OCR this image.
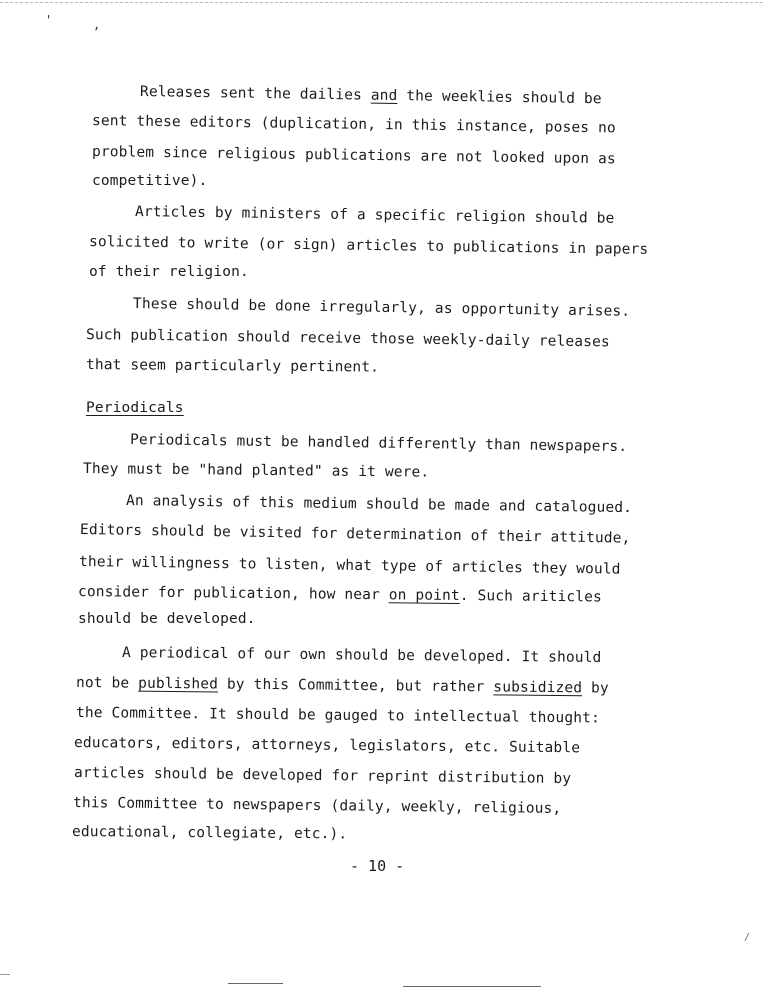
'	,
Releases sent the dailies and the weeklies should be
sent these editors (duplication, in this instance, poses no
problem since religious publications are not looked upon as
competitive).
Articles by ministers of a specific religion should be
solicited to write (or sign) articles to publications in papers
of their religion.
These should be done irregularly, as opportunity arises.
Such publication should receive those weekly-daily releases
that seem particularly pertinent.
Periodicals
Periodicals must be handled differently than newspapers.
They must be "hand planted" as it were.
An analysis of this medium should be made and catalogued.
Editors should be visited for determination of their attitude,
their willingness to listen, what type of articles they would
consider for publication, how near on point. Such ariticles
should be developed.
A periodical of our own should be developed. It should
not be published by this Committee, but rather subsidized by
the Committee. It should be gauged to intellectual thought:
educators, editors, attorneys, legislators, etc. Suitable
articles should be developed for reprint distribution by
this Committee to newspapers (daily, weekly, religious,
educational, collegiate, etc.).
- 10 -
/
